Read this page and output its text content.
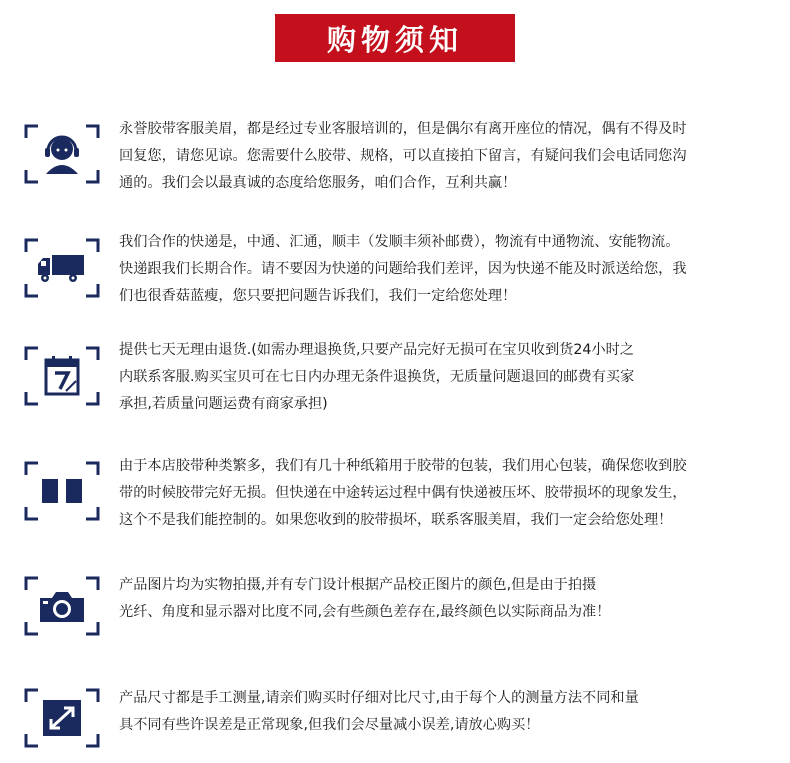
购物须知
永誉胶带客服美眉，都是经过专业客服培训的，但是偶尔有离开座位的情况，偶有不得及时
回复您，请您见谅。您需要什么胶带、规格，可以直接拍下留言，有疑问我们会电话同您沟
通的。我们会以最真诚的态度给您服务，咱们合作，互利共赢！
我们合作的快递是，中通、汇通，顺丰（发顺丰须补邮费），物流有中通物流、安能物流。
快递跟我们长期合作。请不要因为快递的问题给我们差评，因为快递不能及时派送给您，我
们也很香菇蓝瘦，您只要把问题告诉我们，我们一定给您处理！
提供七天无理由退货.(如需办理退换货,只要产品完好无损可在宝贝收到货24小时之
内联系客服.购买宝贝可在七日内办理无条件退换货，无质量问题退回的邮费有买家
承担,若质量问题运费有商家承担)
由于本店胶带种类繁多，我们有几十种纸箱用于胶带的包装，我们用心包装，确保您收到胶
带的时候胶带完好无损。但快递在中途转运过程中偶有快递被压坏、胶带损坏的现象发生，
这个不是我们能控制的。如果您收到的胶带损坏，联系客服美眉，我们一定会给您处理！
产品图片均为实物拍摄,并有专门设计根据产品校正图片的颜色,但是由于拍摄
光纤、角度和显示器对比度不同,会有些颜色差存在,最终颜色以实际商品为准！
产品尺寸都是手工测量,请亲们购买时仔细对比尺寸,由于每个人的测量方法不同和量
具不同有些许误差是正常现象,但我们会尽量减小误差,请放心购买！
